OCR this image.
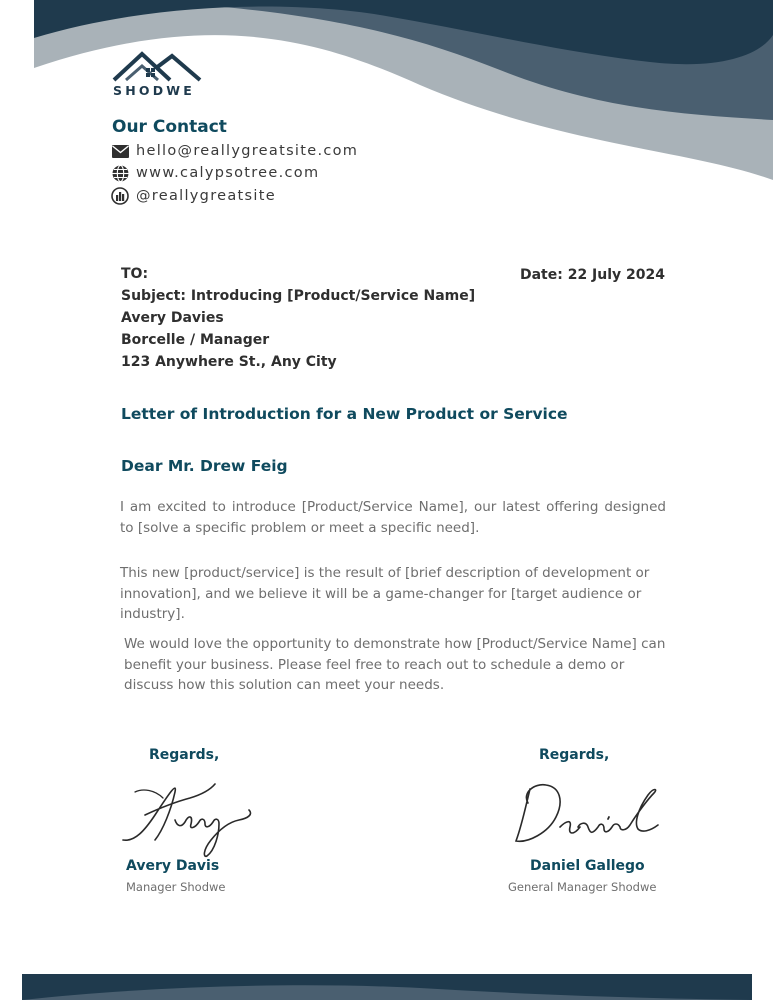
SHODWE
Our Contact
hello@reallygreatsite.com
www.calypsotree.com
@reallygreatsite
TO:	Date: 22 July 2024
Subject: Introducing [Product/Service Name]
Avery Davies
Borcelle / Manager
123 Anywhere St., Any City
Letter of Introduction for a New Product or Service
Dear Mr. Drew Feig
I am excited to introduce [Product/Service Name], our latest offering designed to [solve a specific problem or meet a specific need].
This new [product/service] is the result of [brief description of development or innovation], and we believe it will be a game-changer for [target audience or industry].
We would love the opportunity to demonstrate how [Product/Service Name] can benefit your business. Please feel free to reach out to schedule a demo or discuss how this solution can meet your needs.
Regards,	Regards,
Avery Davis
Manager Shodwe
Daniel Gallego
General Manager Shodwe
